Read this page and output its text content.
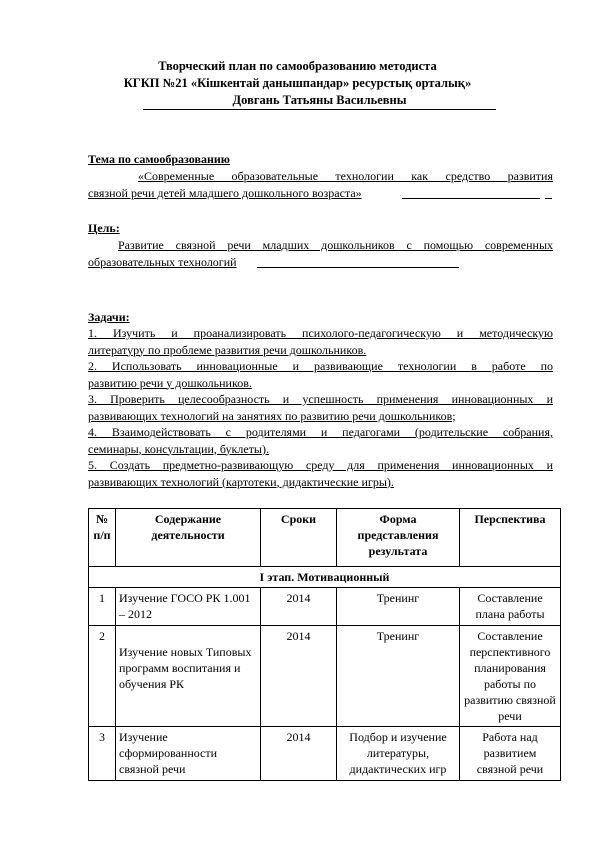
Творческий план по самообразованию методиста
КГКП №21 «Кішкентай данышпандар» ресурстық орталық»
Довгань Татьяны Васильевны
Тема по самообразованию
«Современные образовательные технологии как средство развития
связной речи детей младшего дошкольного возраста»
Цель:
Развитие связной речи младших дошкольников с помощью современных
образовательных технологий
Задачи:
1. Изучить и проанализировать психолого-педагогическую и методическую
литературу по проблеме развития речи дошкольников.
2. Использовать инновационные и развивающие технологии в работе по
развитию речи у дошкольников.
3. Проверить целесообразность и успешность применения инновационных и
развивающих технологий на занятиях по развитию речи дошкольников;
4. Взаимодействовать с родителями и педагогами (родительские собрания,
семинары, консультации, буклеты).
5. Создать предметно-развивающую среду для применения инновационных и
развивающих технологий (картотеки, дидактические игры).
№ п/п	Содержание деятельности	Сроки	Форма представления результата	Перспектива
I этап. Мотивационный				
1	Изучение ГОСО РК 1.001 – 2012	2014	Тренинг	Составление плана работы
2	Изучение новых Типовых программ воспитания и обучения РК	2014	Тренинг	Составление перспективного планирования работы по развитию связной речи
3	Изучение сформированности связной речи	2014	Подбор и изучение литературы, дидактических игр	Работа над развитием связной речи
